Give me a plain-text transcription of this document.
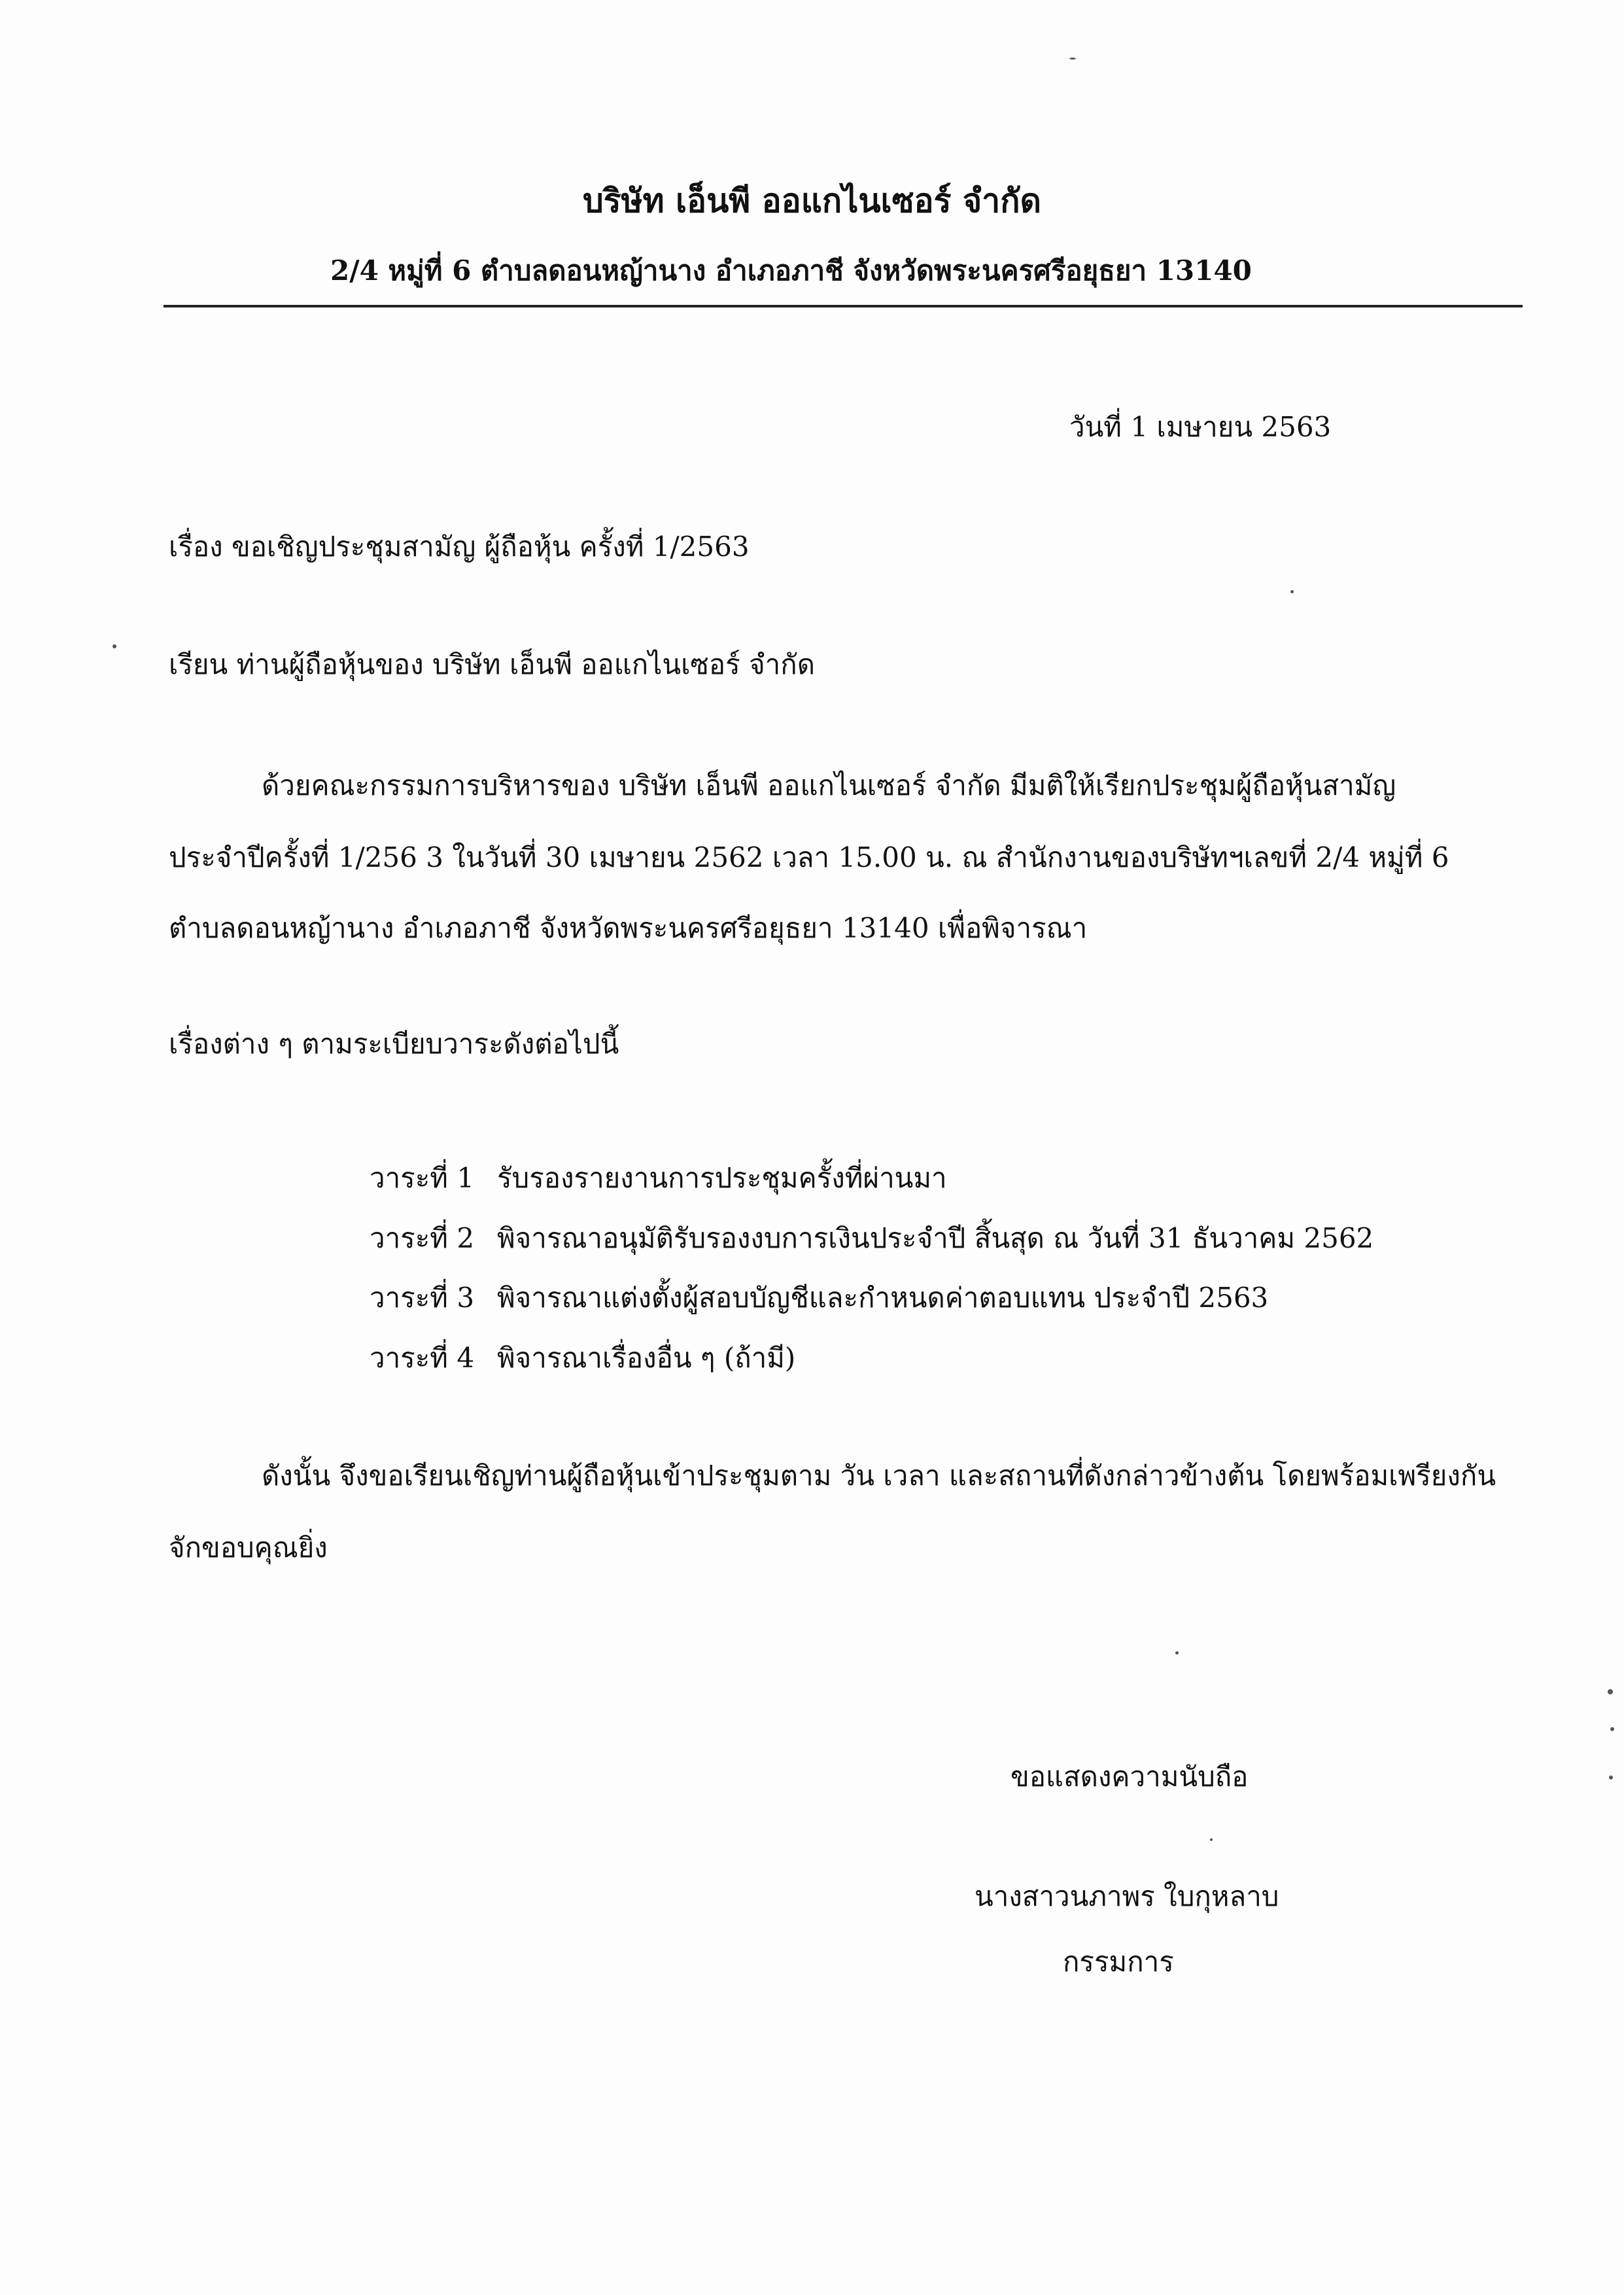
บริษัท เอ็นพี ออแกไนเซอร์ จำกัด
2/4 หมู่ที่ 6 ตำบลดอนหญ้านาง อำเภอภาชี จังหวัดพระนครศรีอยุธยา 13140
วันที่ 1 เมษายน 2563
เรื่อง ขอเชิญประชุมสามัญ ผู้ถือหุ้น ครั้งที่ 1/2563
เรียน ท่านผู้ถือหุ้นของ บริษัท เอ็นพี ออแกไนเซอร์ จำกัด
ด้วยคณะกรรมการบริหารของ บริษัท เอ็นพี ออแกไนเซอร์ จำกัด มีมติให้เรียกประชุมผู้ถือหุ้นสามัญ
ประจำปีครั้งที่ 1/256 3 ในวันที่ 30 เมษายน 2562 เวลา 15.00 น. ณ สำนักงานของบริษัทฯเลขที่ 2/4 หมู่ที่ 6
ตำบลดอนหญ้านาง อำเภอภาชี จังหวัดพระนครศรีอยุธยา 13140 เพื่อพิจารณา
เรื่องต่าง ๆ ตามระเบียบวาระดังต่อไปนี้
วาระที่ 1 รับรองรายงานการประชุมครั้งที่ผ่านมา
วาระที่ 2 พิจารณาอนุมัติรับรองงบการเงินประจำปี สิ้นสุด ณ วันที่ 31 ธันวาคม 2562
วาระที่ 3 พิจารณาแต่งตั้งผู้สอบบัญชีและกำหนดค่าตอบแทน ประจำปี 2563
วาระที่ 4 พิจารณาเรื่องอื่น ๆ (ถ้ามี)
ดังนั้น จึงขอเรียนเชิญท่านผู้ถือหุ้นเข้าประชุมตาม วัน เวลา และสถานที่ดังกล่าวข้างต้น โดยพร้อมเพรียงกัน
จักขอบคุณยิ่ง
ขอแสดงความนับถือ
นางสาวนภาพร ใบกุหลาบ
กรรมการ
